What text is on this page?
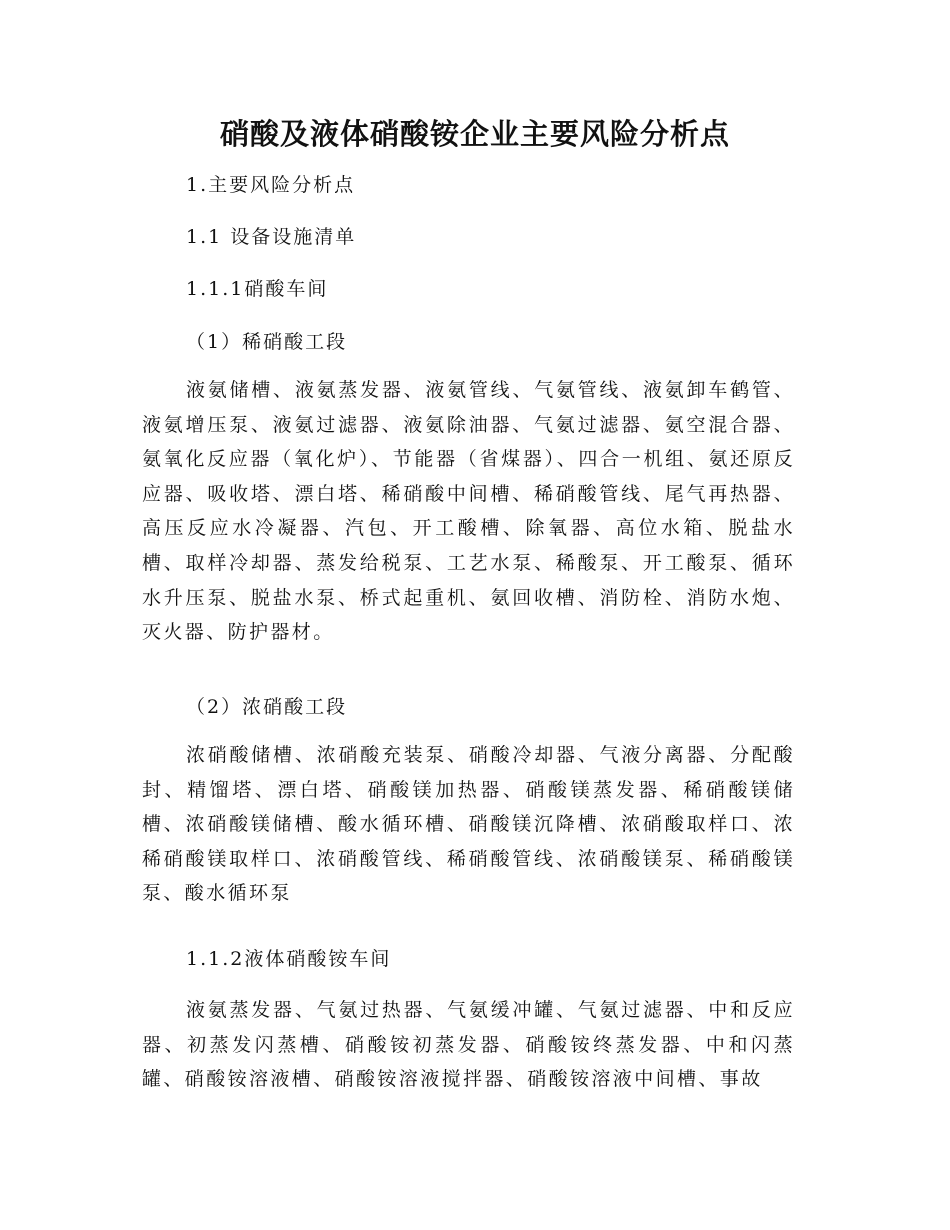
硝酸及液体硝酸铵企业主要风险分析点

1.主要风险分析点

1.1 设备设施清单

1.1.1硝酸车间

（1）稀硝酸工段

液氨储槽、液氨蒸发器、液氨管线、气氨管线、液氨卸车鹤管、液氨增压泵、液氨过滤器、液氨除油器、气氨过滤器、氨空混合器、氨氧化反应器（氧化炉）、节能器（省煤器）、四合一机组、氨还原反应器、吸收塔、漂白塔、稀硝酸中间槽、稀硝酸管线、尾气再热器、高压反应水冷凝器、汽包、开工酸槽、除氧器、高位水箱、脱盐水槽、取样冷却器、蒸发给税泵、工艺水泵、稀酸泵、开工酸泵、循环水升压泵、脱盐水泵、桥式起重机、氨回收槽、消防栓、消防水炮、灭火器、防护器材。

（2）浓硝酸工段

浓硝酸储槽、浓硝酸充装泵、硝酸冷却器、气液分离器、分配酸封、精馏塔、漂白塔、硝酸镁加热器、硝酸镁蒸发器、稀硝酸镁储槽、浓硝酸镁储槽、酸水循环槽、硝酸镁沉降槽、浓硝酸取样口、浓稀硝酸镁取样口、浓硝酸管线、稀硝酸管线、浓硝酸镁泵、稀硝酸镁泵、酸水循环泵

1.1.2液体硝酸铵车间

液氨蒸发器、气氨过热器、气氨缓冲罐、气氨过滤器、中和反应器、初蒸发闪蒸槽、硝酸铵初蒸发器、硝酸铵终蒸发器、中和闪蒸罐、硝酸铵溶液槽、硝酸铵溶液搅拌器、硝酸铵溶液中间槽、事故
